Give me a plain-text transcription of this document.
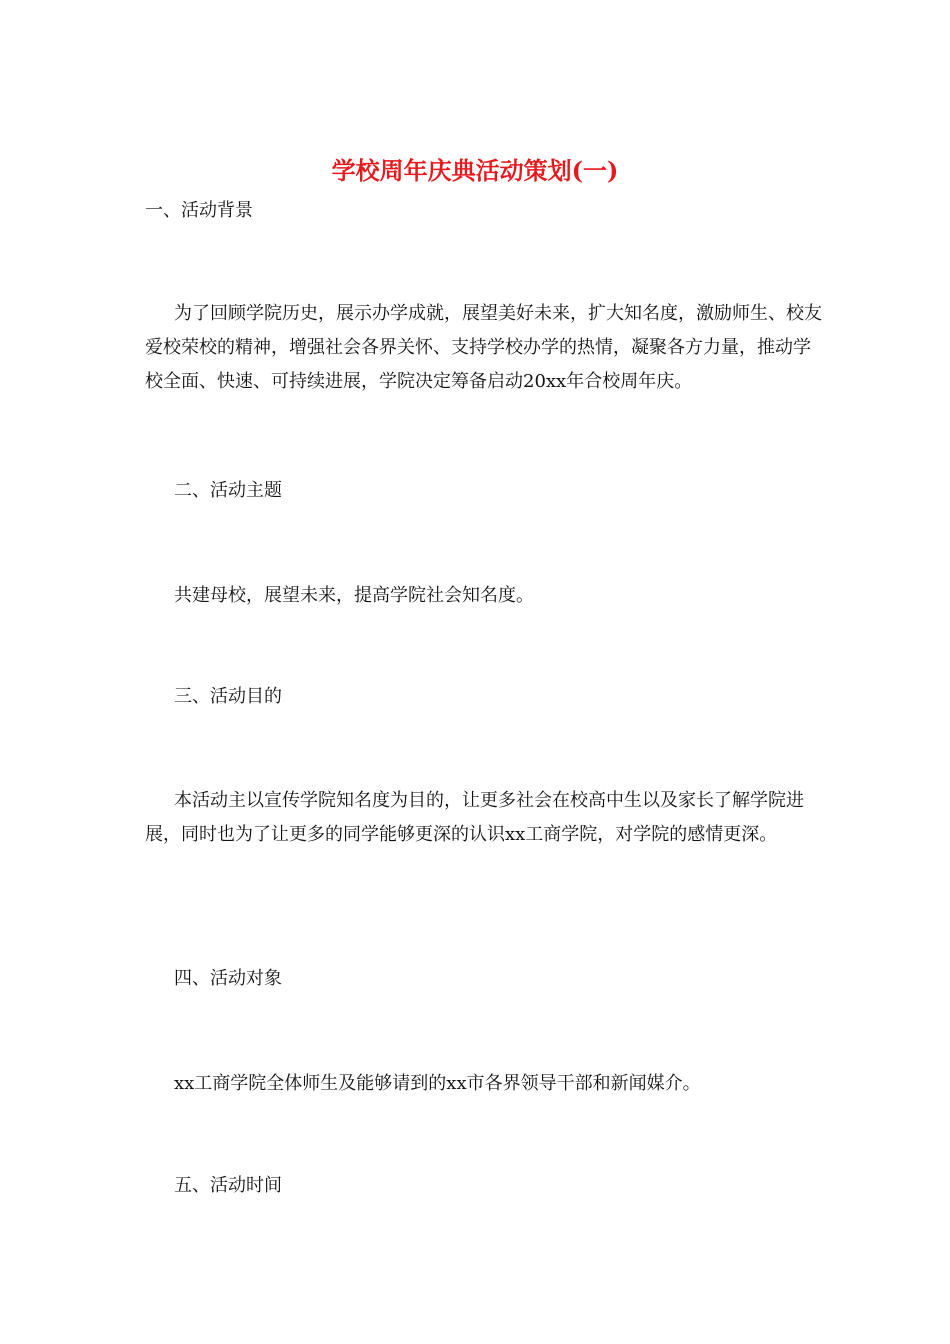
学校周年庆典活动策划(一)

一、活动背景

为了回顾学院历史，展示办学成就，展望美好未来，扩大知名度，激励师生、校友爱校荣校的精神，增强社会各界关怀、支持学校办学的热情，凝聚各方力量，推动学校全面、快速、可持续进展，学院决定筹备启动20xx年合校周年庆。

二、活动主题

共建母校，展望未来，提高学院社会知名度。

三、活动目的

本活动主以宣传学院知名度为目的，让更多社会在校高中生以及家长了解学院进展，同时也为了让更多的同学能够更深的认识xx工商学院，对学院的感情更深。

四、活动对象

xx工商学院全体师生及能够请到的xx市各界领导干部和新闻媒介。

五、活动时间
